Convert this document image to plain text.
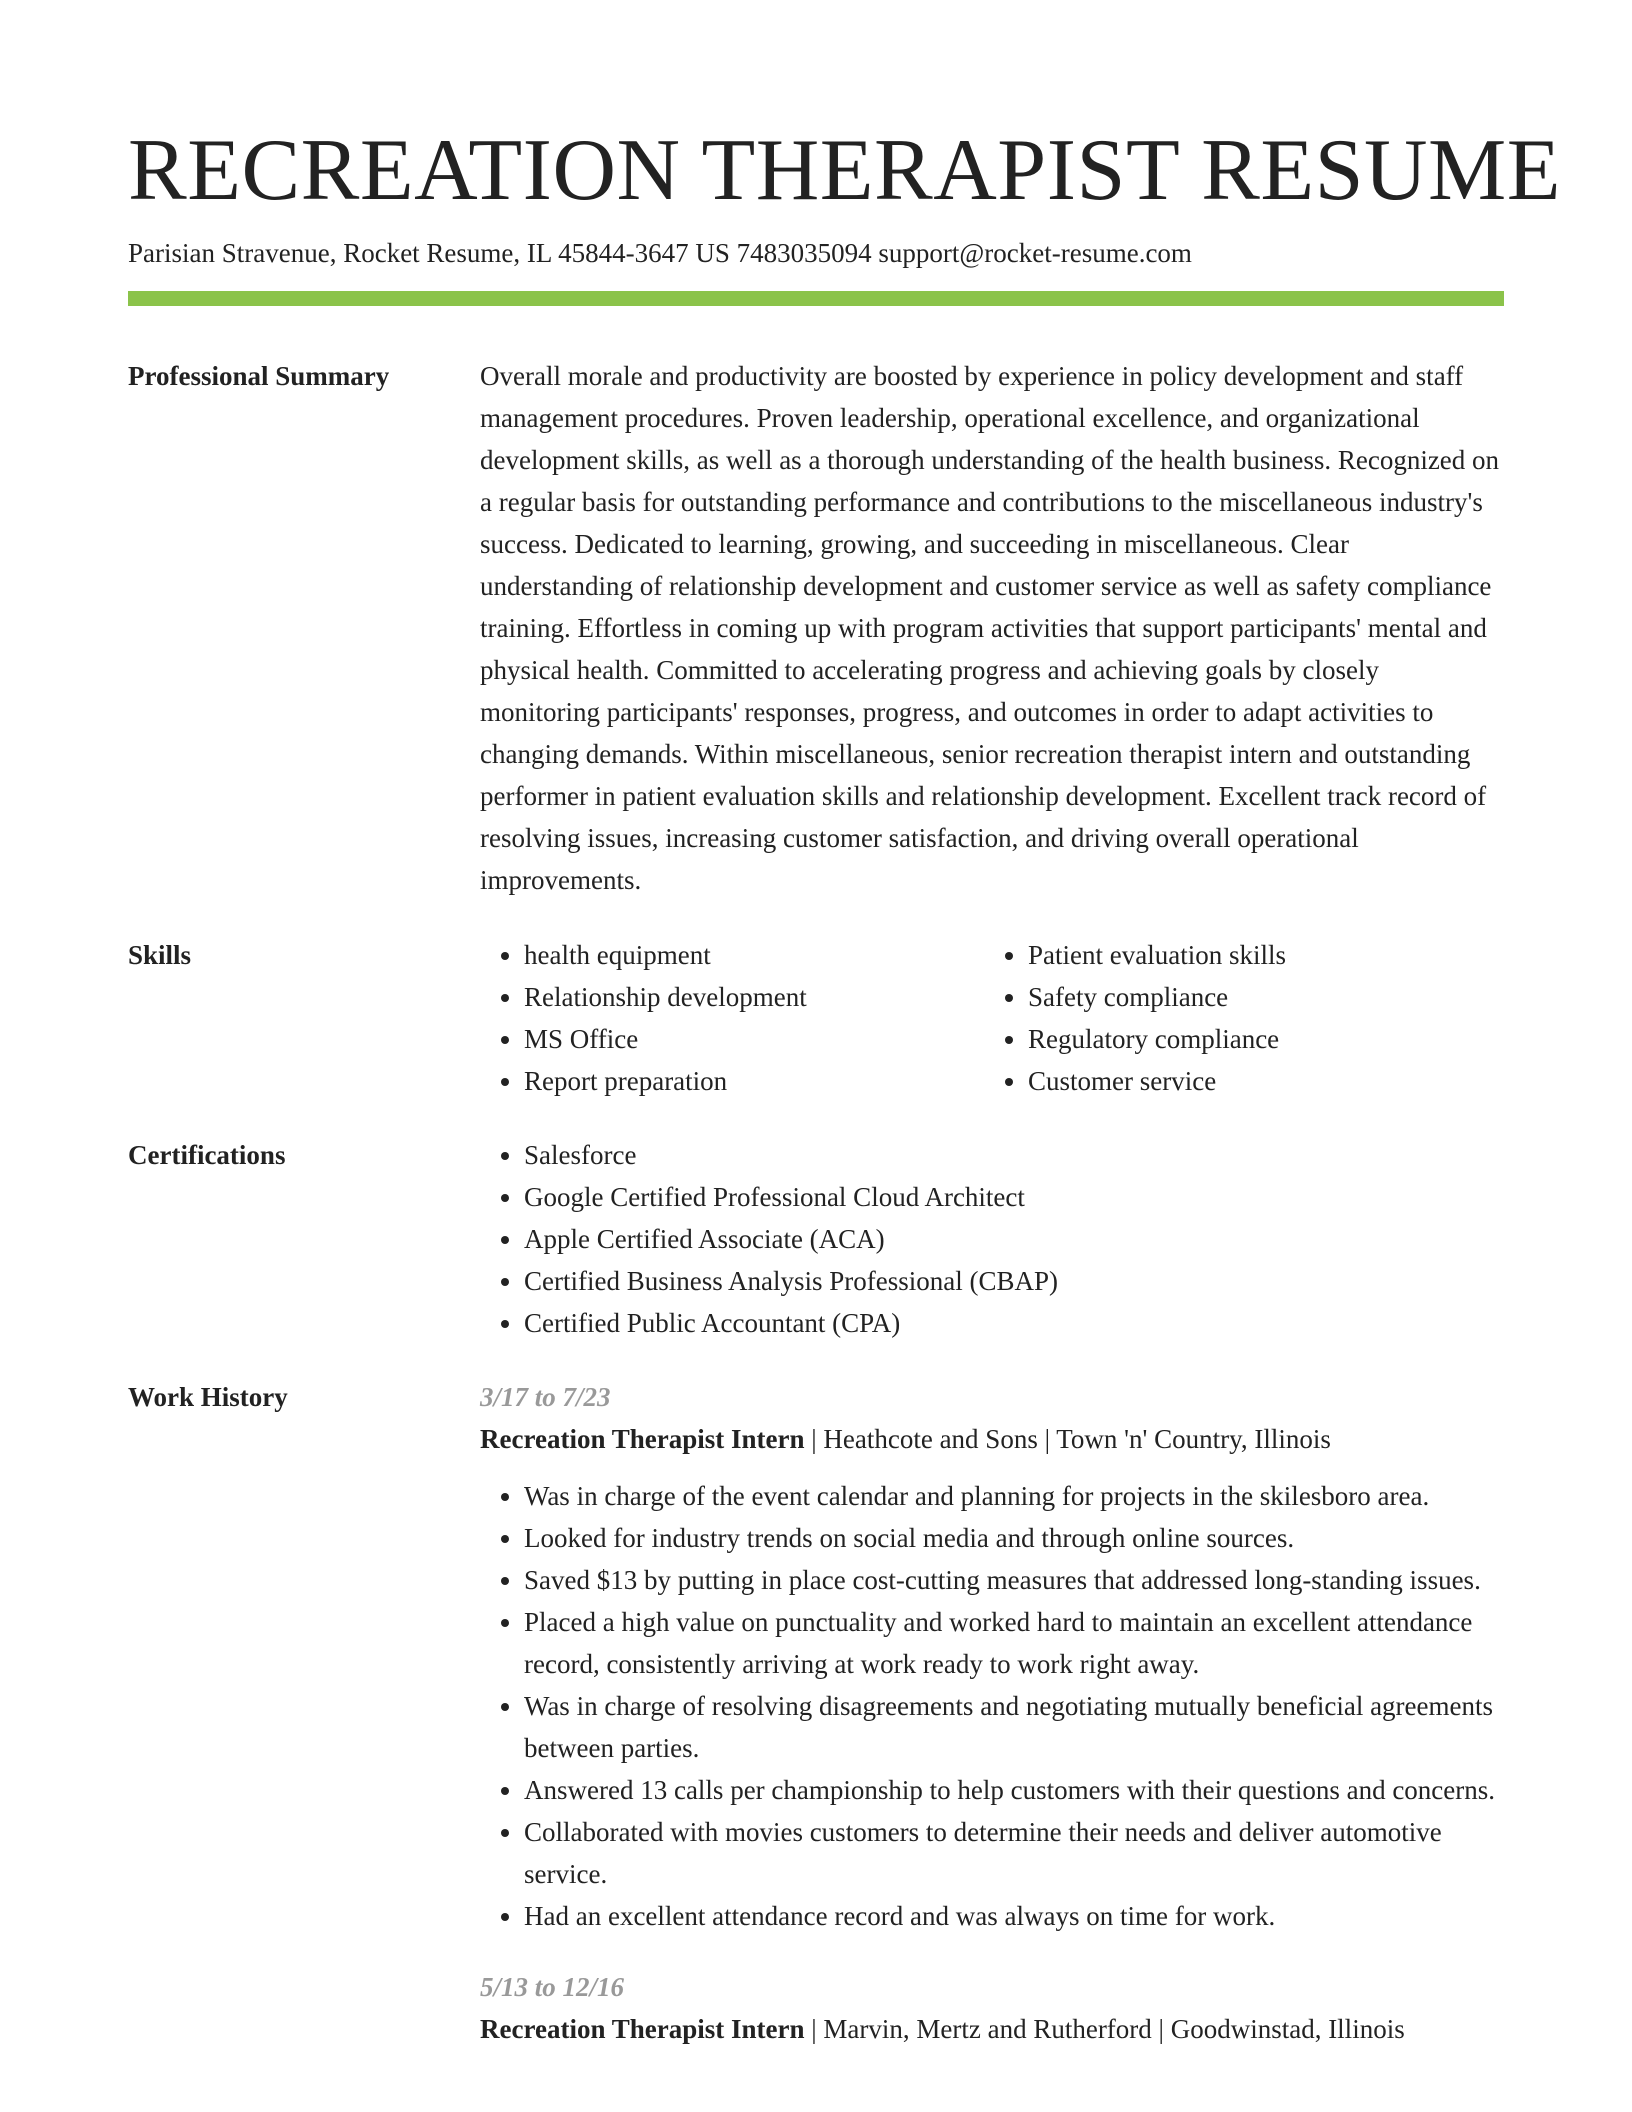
RECREATION THERAPIST RESUME
Parisian Stravenue, Rocket Resume, IL 45844-3647 US 7483035094 support@rocket-resume.com
Professional Summary	Overall morale and productivity are boosted by experience in policy development and staff management procedures. Proven leadership, operational excellence, and organizational development skills, as well as a thorough understanding of the health business. Recognized on a regular basis for outstanding performance and contributions to the miscellaneous industry's success. Dedicated to learning, growing, and succeeding in miscellaneous. Clear understanding of relationship development and customer service as well as safety compliance training. Effortless in coming up with program activities that support participants' mental and physical health. Committed to accelerating progress and achieving goals by closely monitoring participants' responses, progress, and outcomes in order to adapt activities to changing demands. Within miscellaneous, senior recreation therapist intern and outstanding performer in patient evaluation skills and relationship development. Excellent track record of resolving issues, increasing customer satisfaction, and driving overall operational improvements.

Skills	• health equipment
• Relationship development
• MS Office
• Report preparation
• Patient evaluation skills
• Safety compliance
• Regulatory compliance
• Customer service
Certifications	• Salesforce
• Google Certified Professional Cloud Architect
• Apple Certified Associate (ACA)
• Certified Business Analysis Professional (CBAP)
• Certified Public Accountant (CPA)
Work History	3/17 to 7/23
Recreation Therapist Intern | Heathcote and Sons | Town 'n' Country, Illinois
• Was in charge of the event calendar and planning for projects in the skilesboro area.
• Looked for industry trends on social media and through online sources.
• Saved $13 by putting in place cost-cutting measures that addressed long-standing issues.
• Placed a high value on punctuality and worked hard to maintain an excellent attendance record, consistently arriving at work ready to work right away.
• Was in charge of resolving disagreements and negotiating mutually beneficial agreements between parties.
• Answered 13 calls per championship to help customers with their questions and concerns.
• Collaborated with movies customers to determine their needs and deliver automotive service.
• Had an excellent attendance record and was always on time for work.
5/13 to 12/16
Recreation Therapist Intern | Marvin, Mertz and Rutherford | Goodwinstad, Illinois
